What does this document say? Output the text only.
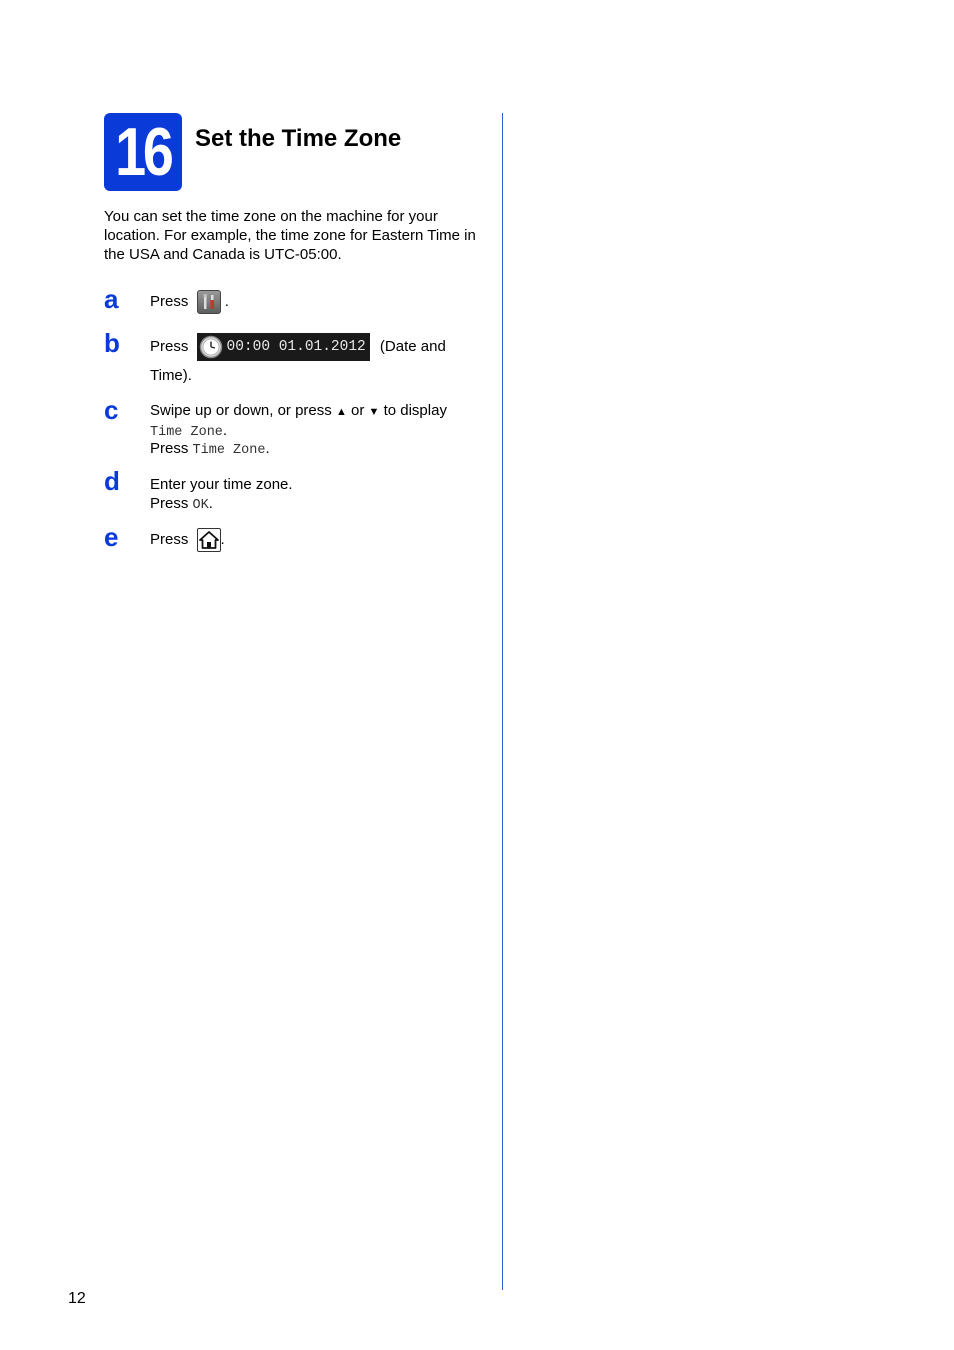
16 Set the Time Zone

You can set the time zone on the machine for your location. For example, the time zone for Eastern Time in the USA and Canada is UTC-05:00.

a Press .
b Press	00:00 01.01.2012 (Date and
Time).
c Swipe up or down, or press ▲ or ▼ to display
Time Zone.
Press Time Zone.
d Enter your time zone.
Press OK.
e Press .
12
